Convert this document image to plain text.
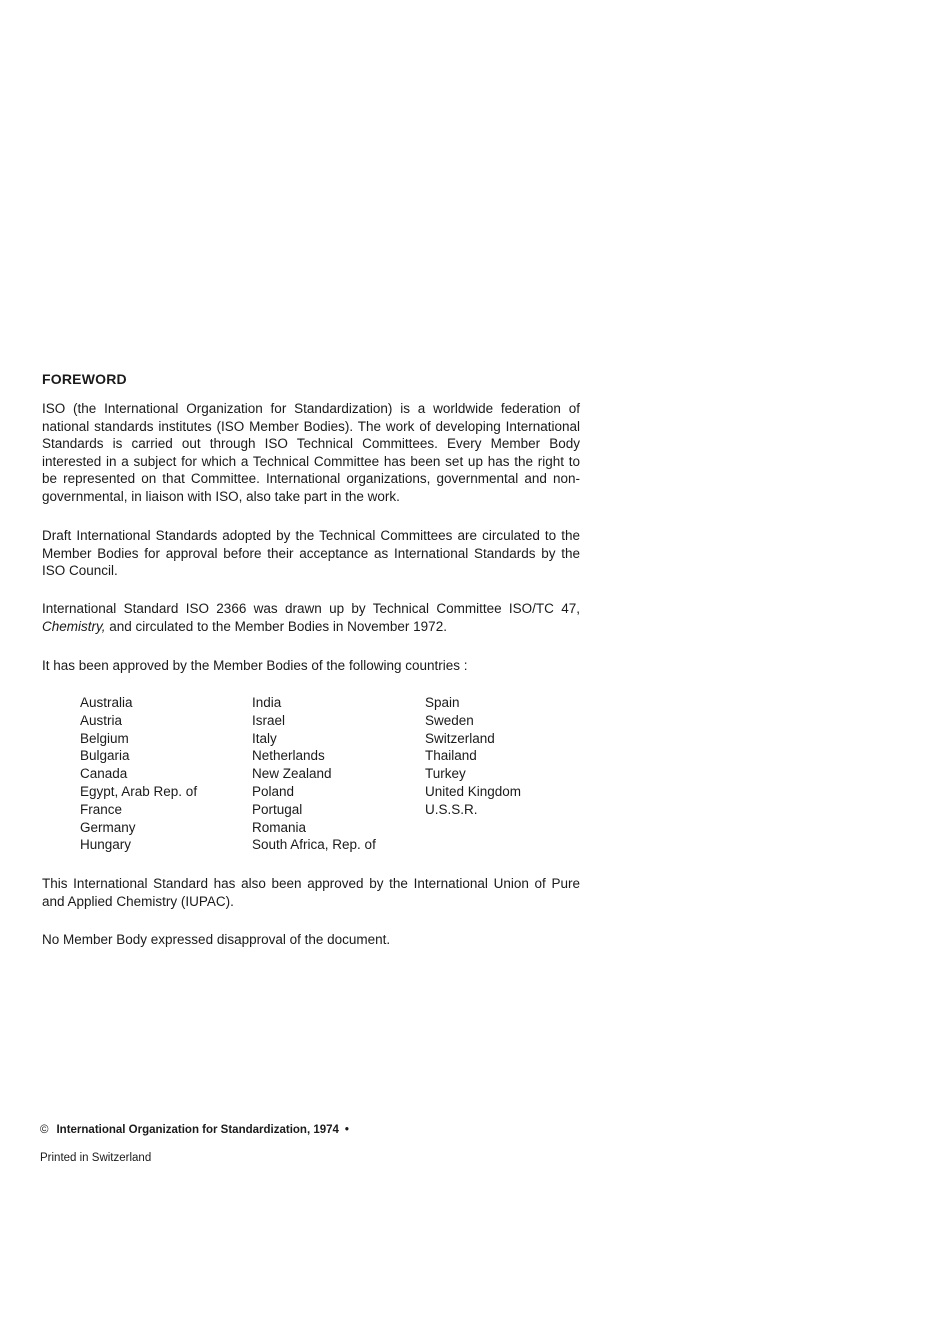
FOREWORD

ISO (the International Organization for Standardization) is a worldwide federation of national standards institutes (ISO Member Bodies). The work of developing International Standards is carried out through ISO Technical Committees. Every Member Body interested in a subject for which a Technical Committee has been set up has the right to be represented on that Committee. International organizations, governmental and non-governmental, in liaison with ISO, also take part in the work.

Draft International Standards adopted by the Technical Committees are circulated to the Member Bodies for approval before their acceptance as International Standards by the ISO Council.

International Standard ISO 2366 was drawn up by Technical Committee ISO/TC 47, Chemistry, and circulated to the Member Bodies in November 1972.

It has been approved by the Member Bodies of the following countries :

Australia
Austria
Belgium
Bulgaria
Canada
Egypt, Arab Rep. of
France
Germany
Hungary
India
Israel
Italy
Netherlands
New Zealand
Poland
Portugal
Romania
South Africa, Rep. of
Spain
Sweden
Switzerland
Thailand
Turkey
United Kingdom
U.S.S.R.

This International Standard has also been approved by the International Union of Pure and Applied Chemistry (IUPAC).

No Member Body expressed disapproval of the document.

© International Organization for Standardization, 1974 •
Printed in Switzerland
